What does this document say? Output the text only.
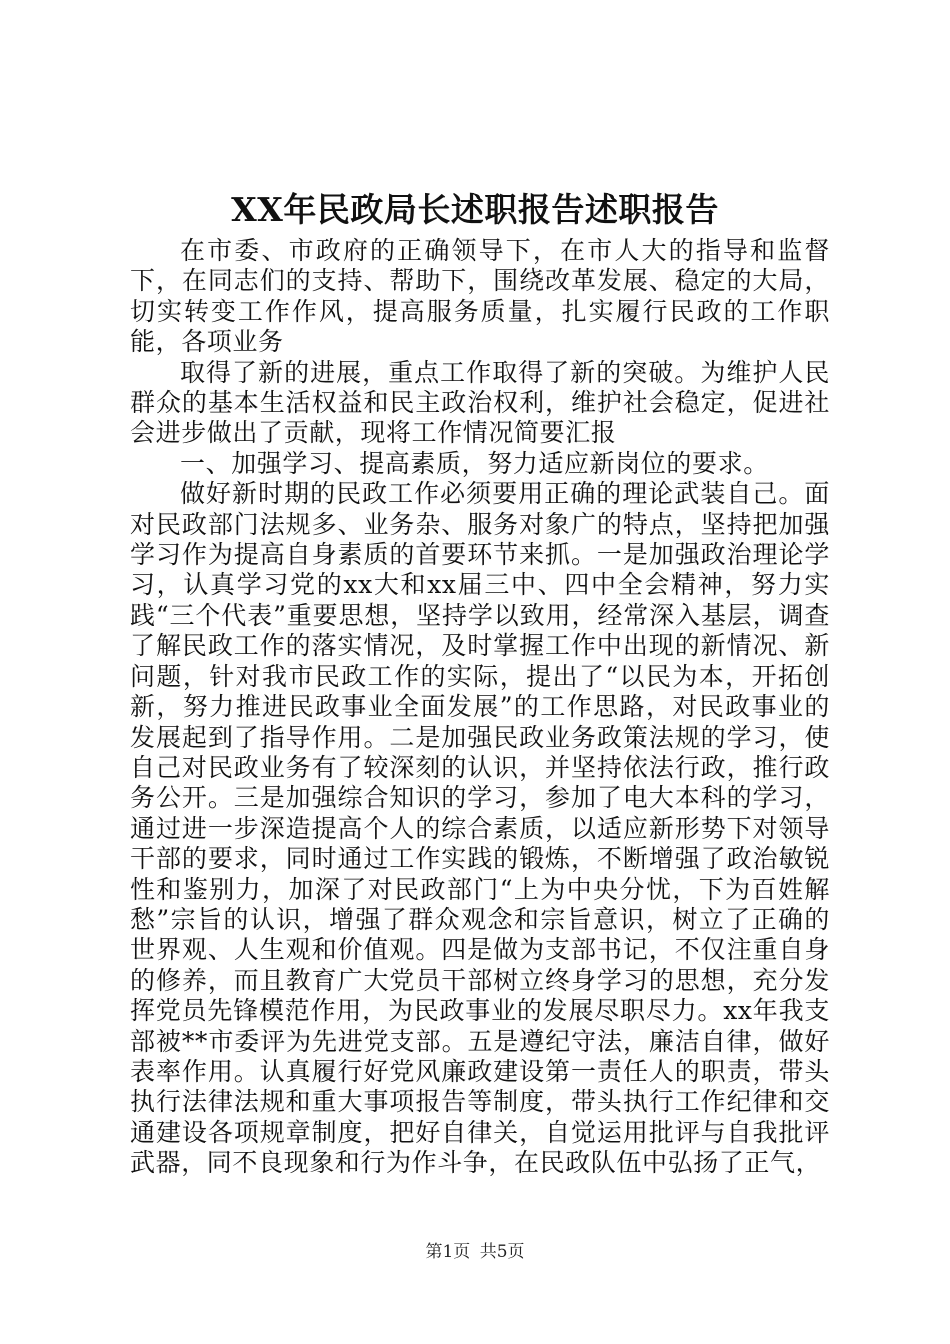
XX年民政局长述职报告述职报告

在市委、市政府的正确领导下，在市人大的指导和监督下，在同志们的支持、帮助下，围绕改革发展、稳定的大局，切实转变工作作风，提高服务质量，扎实履行民政的工作职能，各项业务

取得了新的进展，重点工作取得了新的突破。为维护人民群众的基本生活权益和民主政治权利，维护社会稳定，促进社会进步做出了贡献，现将工作情况简要汇报

一、加强学习、提高素质，努力适应新岗位的要求。

做好新时期的民政工作必须要用正确的理论武装自己。面对民政部门法规多、业务杂、服务对象广的特点，坚持把加强学习作为提高自身素质的首要环节来抓。一是加强政治理论学习，认真学习党的xx大和xx届三中、四中全会精神，努力实践“三个代表”重要思想，坚持学以致用，经常深入基层，调查了解民政工作的落实情况，及时掌握工作中出现的新情况、新问题，针对我市民政工作的实际，提出了“以民为本，开拓创新，努力推进民政事业全面发展”的工作思路，对民政事业的发展起到了指导作用。二是加强民政业务政策法规的学习，使自己对民政业务有了较深刻的认识，并坚持依法行政，推行政务公开。三是加强综合知识的学习，参加了电大本科的学习，通过进一步深造提高个人的综合素质，以适应新形势下对领导干部的要求，同时通过工作实践的锻炼，不断增强了政治敏锐性和鉴别力，加深了对民政部门“上为中央分忧，下为百姓解愁”宗旨的认识，增强了群众观念和宗旨意识，树立了正确的世界观、人生观和价值观。四是做为支部书记，不仅注重自身的修养，而且教育广大党员干部树立终身学习的思想，充分发挥党员先锋模范作用，为民政事业的发展尽职尽力。xx年我支部被**市委评为先进党支部。五是遵纪守法，廉洁自律，做好表率作用。认真履行好党风廉政建设第一责任人的职责，带头执行法律法规和重大事项报告等制度，带头执行工作纪律和交通建设各项规章制度，把好自律关，自觉运用批评与自我批评武器，同不良现象和行为作斗争，在民政队伍中弘扬了正气，

第1页 共5页
